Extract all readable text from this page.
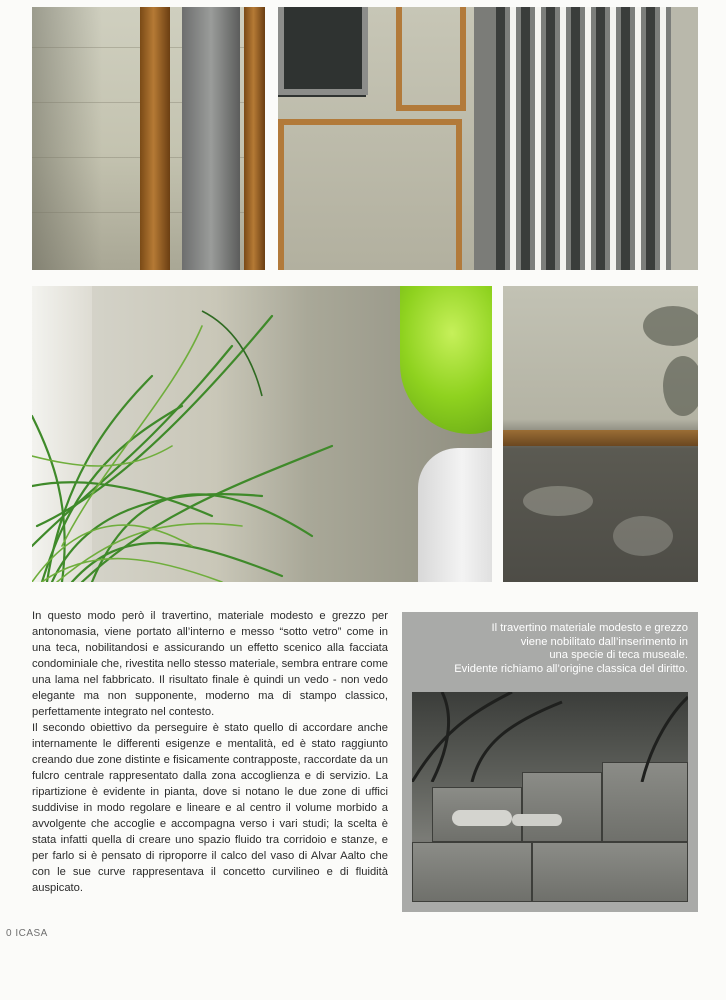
In questo modo però il travertino, materiale modesto e grezzo per antonomasia, viene portato all’interno e messo “sotto vetro” come in una teca, nobilitandosi e assicurando un effetto scenico alla facciata condominiale che, rivestita nello stesso materiale, sembra entrare come una lama nel fabbricato. Il risultato finale è quindi un vedo - non vedo elegante ma non supponente, moderno ma di stampo classico, perfettamente integrato nel contesto.

Il secondo obiettivo da perseguire è stato quello di accordare anche internamente le differenti esigenze e mentalità, ed è stato raggiunto creando due zone distinte e fisicamente contrapposte, raccordate da un fulcro centrale rappresentato dalla zona accoglienza e di servizio. La ripartizione è evidente in pianta, dove si notano le due zone di uffici suddivise in modo regolare e lineare e al centro il volume morbido a avvolgente che accoglie e accompagna verso i vari studi; la scelta è stata infatti quella di creare uno spazio fluido tra corridoio e stanze, e per farlo si è pensato di riproporre il calco del vaso di Alvar Aalto che con le sue curve rappresentava il concetto curvilineo e di fluidità auspicato.

Il travertino materiale modesto e grezzo
viene nobilitato dall’inserimento in
una specie di teca museale.
Evidente richiamo all’origine classica del diritto.
0 ICASA
